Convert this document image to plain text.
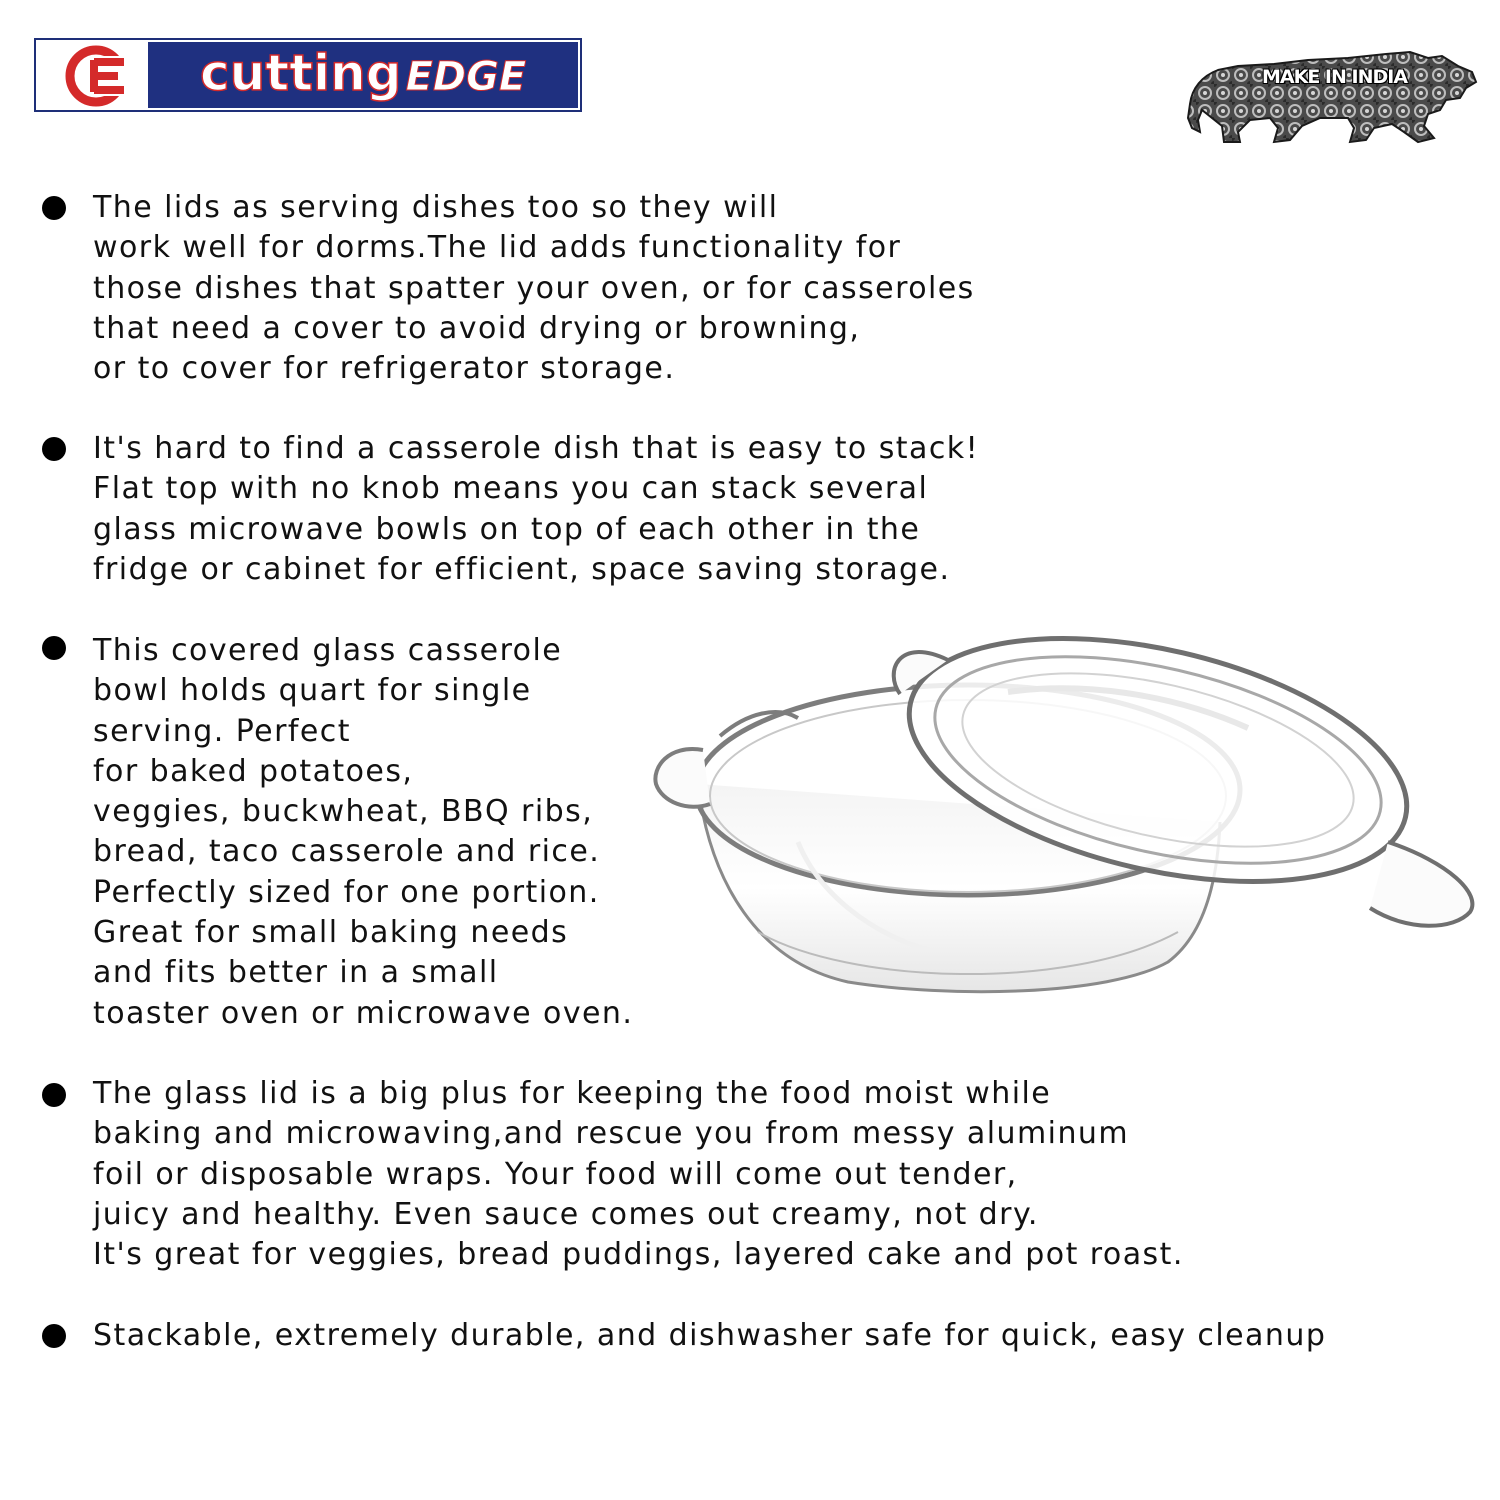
cutting EDGE	MAKE IN INDIA

The lids as serving dishes too so they will
work well for dorms.The lid adds functionality for
those dishes that spatter your oven, or for casseroles
that need a cover to avoid drying or browning,
or to cover for refrigerator storage.

It's hard to find a casserole dish that is easy to stack!
Flat top with no knob means you can stack several
glass microwave bowls on top of each other in the
fridge or cabinet for efficient, space saving storage.

This covered glass casserole
bowl holds quart for single
serving. Perfect
for baked potatoes,
veggies, buckwheat, BBQ ribs,
bread, taco casserole and rice.
Perfectly sized for one portion.
Great for small baking needs
and fits better in a small
toaster oven or microwave oven.

The glass lid is a big plus for keeping the food moist while
baking and microwaving,and rescue you from messy aluminum
foil or disposable wraps. Your food will come out tender,
juicy and healthy. Even sauce comes out creamy, not dry.
It's great for veggies, bread puddings, layered cake and pot roast.

Stackable, extremely durable, and dishwasher safe for quick, easy cleanup
